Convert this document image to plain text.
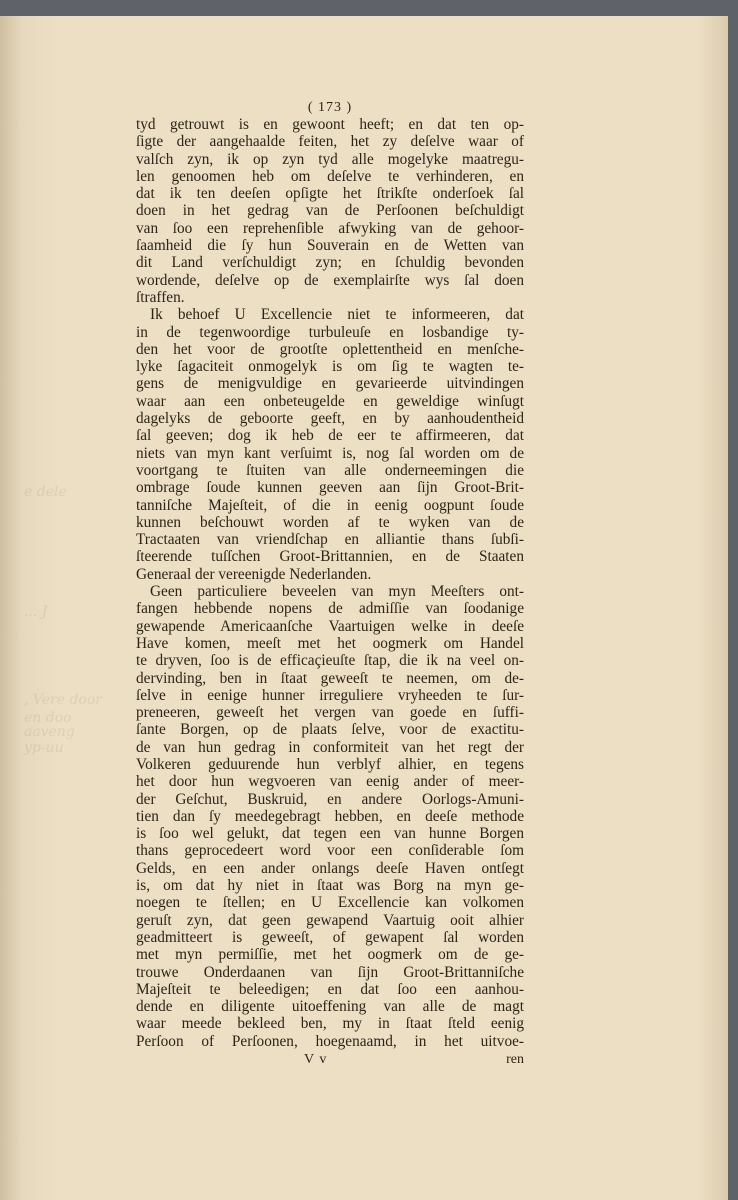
e dele
... J
, Vere door
en doo
aaveng
yp-uu
( 173 )
tyd getrouwt is en gewoont heeft; en dat ten op-
ſigte der aangehaalde feiten, het zy deſelve waar of
valſch zyn, ik op zyn tyd alle mogelyke maatregu-
len genoomen heb om deſelve te verhinderen, en
dat ik ten deeſen opſigte het ſtrikſte onderſoek ſal
doen in het gedrag van de Perſoonen beſchuldigt
van ſoo een reprehenſible afwyking van de gehoor-
ſaamheid die ſy hun Souverain en de Wetten van
dit Land verſchuldigt zyn; en ſchuldig bevonden
wordende, deſelve op de exemplairſte wys ſal doen
ſtraffen.
Ik behoef U Excellencie niet te informeeren, dat
in de tegenwoordige turbuleuſe en losbandige ty-
den het voor de grootſte oplettentheid en menſche-
lyke ſagaciteit onmogelyk is om ſig te wagten te-
gens de menigvuldige en gevarieerde uitvindingen
waar aan een onbeteugelde en geweldige winſugt
dagelyks de geboorte geeft, en by aanhoudentheid
ſal geeven; dog ik heb de eer te affirmeeren, dat
niets van myn kant verſuimt is, nog ſal worden om de
voortgang te ſtuiten van alle onderneemingen die
ombrage ſoude kunnen geeven aan ſijn Groot-Brit-
tanniſche Majeſteit, of die in eenig oogpunt ſoude
kunnen beſchouwt worden af te wyken van de
Tractaaten van vriendſchap en alliantie thans ſubſi-
ſteerende tuſſchen Groot-Brittannien, en de Staaten
Generaal der vereenigde Nederlanden.
Geen particuliere beveelen van myn Meeſters ont-
fangen hebbende nopens de admiſſie van ſoodanige
gewapende Americaanſche Vaartuigen welke in deeſe
Have komen, meeſt met het oogmerk om Handel
te dryven, ſoo is de efficaçieuſte ſtap, die ik na veel on-
dervinding, ben in ſtaat geweeſt te neemen, om de-
ſelve in eenige hunner irreguliere vryheeden te ſur-
preneeren, geweeſt het vergen van goede en ſuffi-
ſante Borgen, op de plaats ſelve, voor de exactitu-
de van hun gedrag in conformiteit van het regt der
Volkeren geduurende hun verblyf alhier, en tegens
het door hun wegvoeren van eenig ander of meer-
der Geſchut, Buskruid, en andere Oorlogs-Amuni-
tien dan ſy meedegebragt hebben, en deeſe methode
is ſoo wel gelukt, dat tegen een van hunne Borgen
thans geprocedeert word voor een conſiderable ſom
Gelds, en een ander onlangs deeſe Haven ontſegt
is, om dat hy niet in ſtaat was Borg na myn ge-
noegen te ſtellen; en U Excellencie kan volkomen
geruſt zyn, dat geen gewapend Vaartuig ooit alhier
geadmitteert is geweeſt, of gewapent ſal worden
met myn permiſſie, met het oogmerk om de ge-
trouwe Onderdaanen van ſijn Groot-Brittanniſche
Majeſteit te beleedigen; en dat ſoo een aanhou-
dende en diligente uitoeffening van alle de magt
waar meede bekleed ben, my in ſtaat ſteld eenig
Perſoon of Perſoonen, hoegenaamd, in het uitvoe-
V v	ren
